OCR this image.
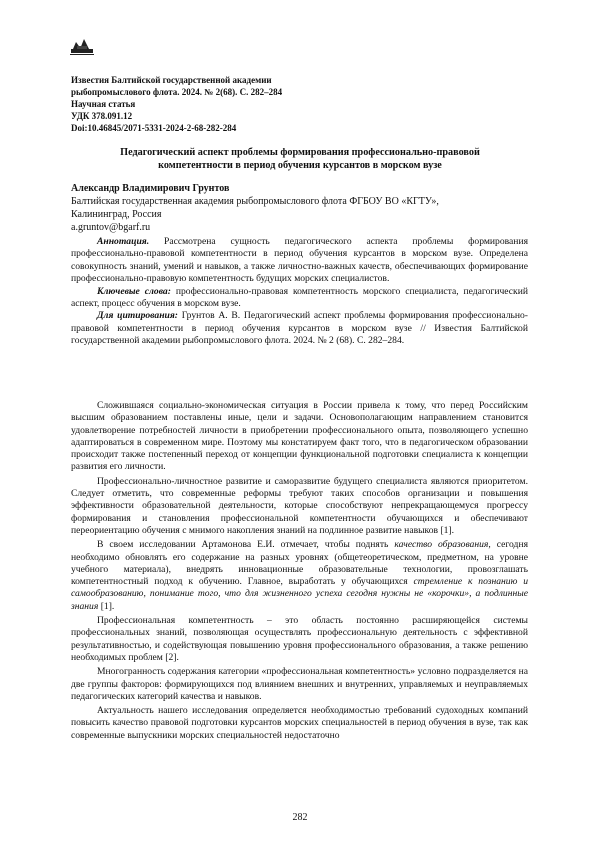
Известия Балтийской государственной академии
рыбопромыслового флота. 2024. № 2(68). С. 282–284
Научная статья
УДК 378.091.12
Doi:10.46845/2071-5331-2024-2-68-282-284
Педагогический аспект проблемы формирования профессионально-правовой компетентности в период обучения курсантов в морском вузе
Александр Владимирович Грунтов
Балтийская государственная академия рыбопромыслового флота ФГБОУ ВО «КГТУ»,
Калининград, Россия
a.gruntov@bgarf.ru

Аннотация. Рассмотрена сущность педагогического аспекта проблемы формирования профессионально-правовой компетентности в период обучения курсантов в морском вузе. Определена совокупность знаний, умений и навыков, а также личностно-важных качеств, обеспечивающих формирование профессионально-правовую компетентность будущих морских специалистов.

Ключевые слова: профессионально-правовая компетентность морского специалиста, педагогический аспект, процесс обучения в морском вузе.

Для цитирования: Грунтов А. В. Педагогический аспект проблемы формирования профессионально-правовой компетентности в период обучения курсантов в морском вузе // Известия Балтийской государственной академии рыбопромыслового флота. 2024. № 2 (68). С. 282–284.

Сложившаяся социально-экономическая ситуация в России привела к тому, что перед Российским высшим образованием поставлены иные, цели и задачи. Основополагающим направлением становится удовлетворение потребностей личности в приобретении профессионального опыта, позволяющего успешно адаптироваться в современном мире. Поэтому мы констатируем факт того, что в педагогическом образовании происходит также постепенный переход от концепции функциональной подготовки специалиста к концепции развития его личности.

Профессионально-личностное развитие и саморазвитие будущего специалиста являются приоритетом. Следует отметить, что современные реформы требуют таких способов организации и повышения эффективности образовательной деятельности, которые способствуют непрекращающемуся прогрессу формирования и становления профессиональной компетентности обучающихся и обеспечивают переориентацию обучения с мнимого накопления знаний на подлинное развитие навыков [1].

В своем исследовании Артамонова Е.И. отмечает, чтобы поднять качество образования, сегодня необходимо обновлять его содержание на разных уровнях (общетеоретическом, предметном, на уровне учебного материала), внедрять инновационные образовательные технологии, провозглашать компетентностный подход к обучению. Главное, выработать у обучающихся стремление к познанию и самообразованию, понимание того, что для жизненного успеха сегодня нужны не «корочки», а подлинные знания [1].

Профессиональная компетентность – это область постоянно расширяющейся системы профессиональных знаний, позволяющая осуществлять профессиональную деятельность с эффективной результативностью, и содействующая повышению уровня профессионального образования, а также решению необходимых проблем [2].

Многогранность содержания категории «профессиональная компетентность» условно подразделяется на две группы факторов: формирующихся под влиянием внешних и внутренних, управляемых и неуправляемых педагогических категорий качества и навыков.

Актуальность нашего исследования определяется необходимостью требований судоходных компаний повысить качество правовой подготовки курсантов морских специальностей в период обучения в вузе, так как современные выпускники морских специальностей недостаточно

282
